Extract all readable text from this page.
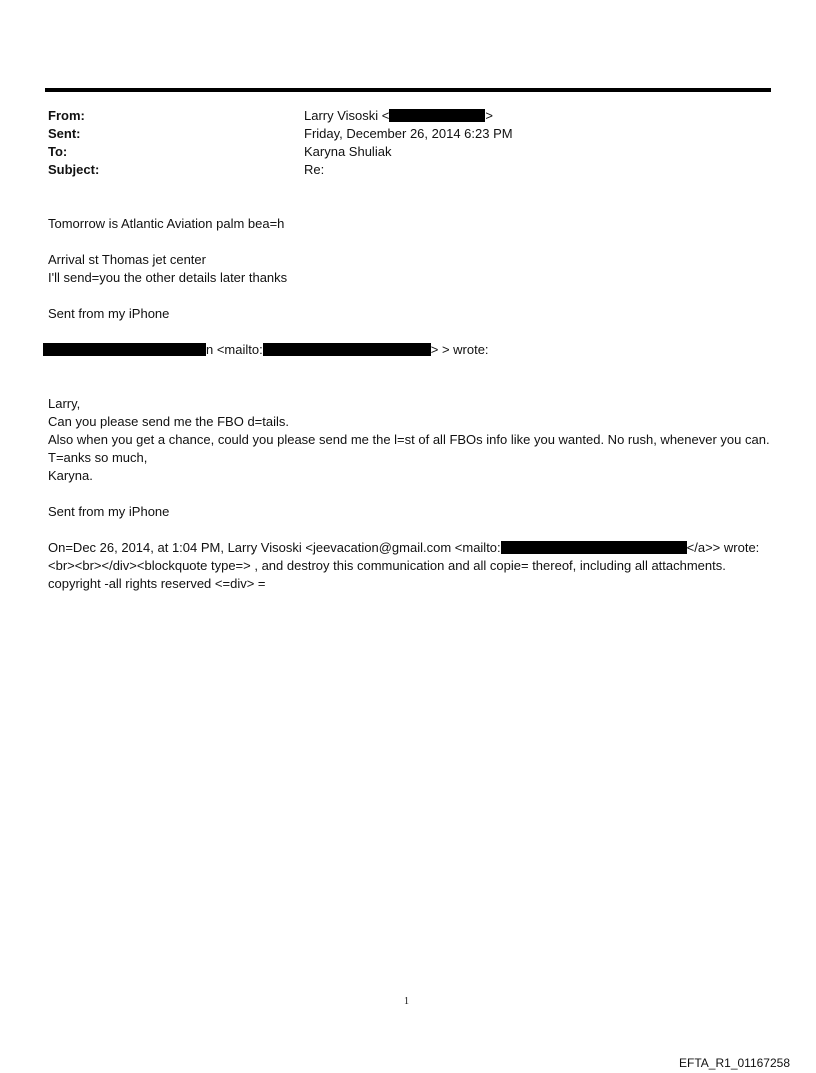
From:	Larry Visoski <	>
Sent:	Friday, December 26, 2014 6:23 PM
To:	Karyna Shuliak
Subject:	Re:

Tomorrow is Atlantic Aviation palm bea=h

Arrival st Thomas jet center

I'll send=you the other details later thanks

Sent from my iPhone

n <mailto:	> > wrote:

Larry,

Can you please send me the FBO d=tails.

Also when you get a chance, could you please send me the l=st of all FBOs info like you wanted. No rush, whenever you can.

T=anks so much,

Karyna.

Sent from my iPhone

On=Dec 26, 2014, at 1:04 PM, Larry Visoski <jeevacation@gmail.com <mailto:	</a>> wrote:<br><br></div><blockquote type=> , and destroy this communication and all copie= thereof, including all attachments. copyright -all rights reserved <=div> =

1
EFTA_R1_01167258
